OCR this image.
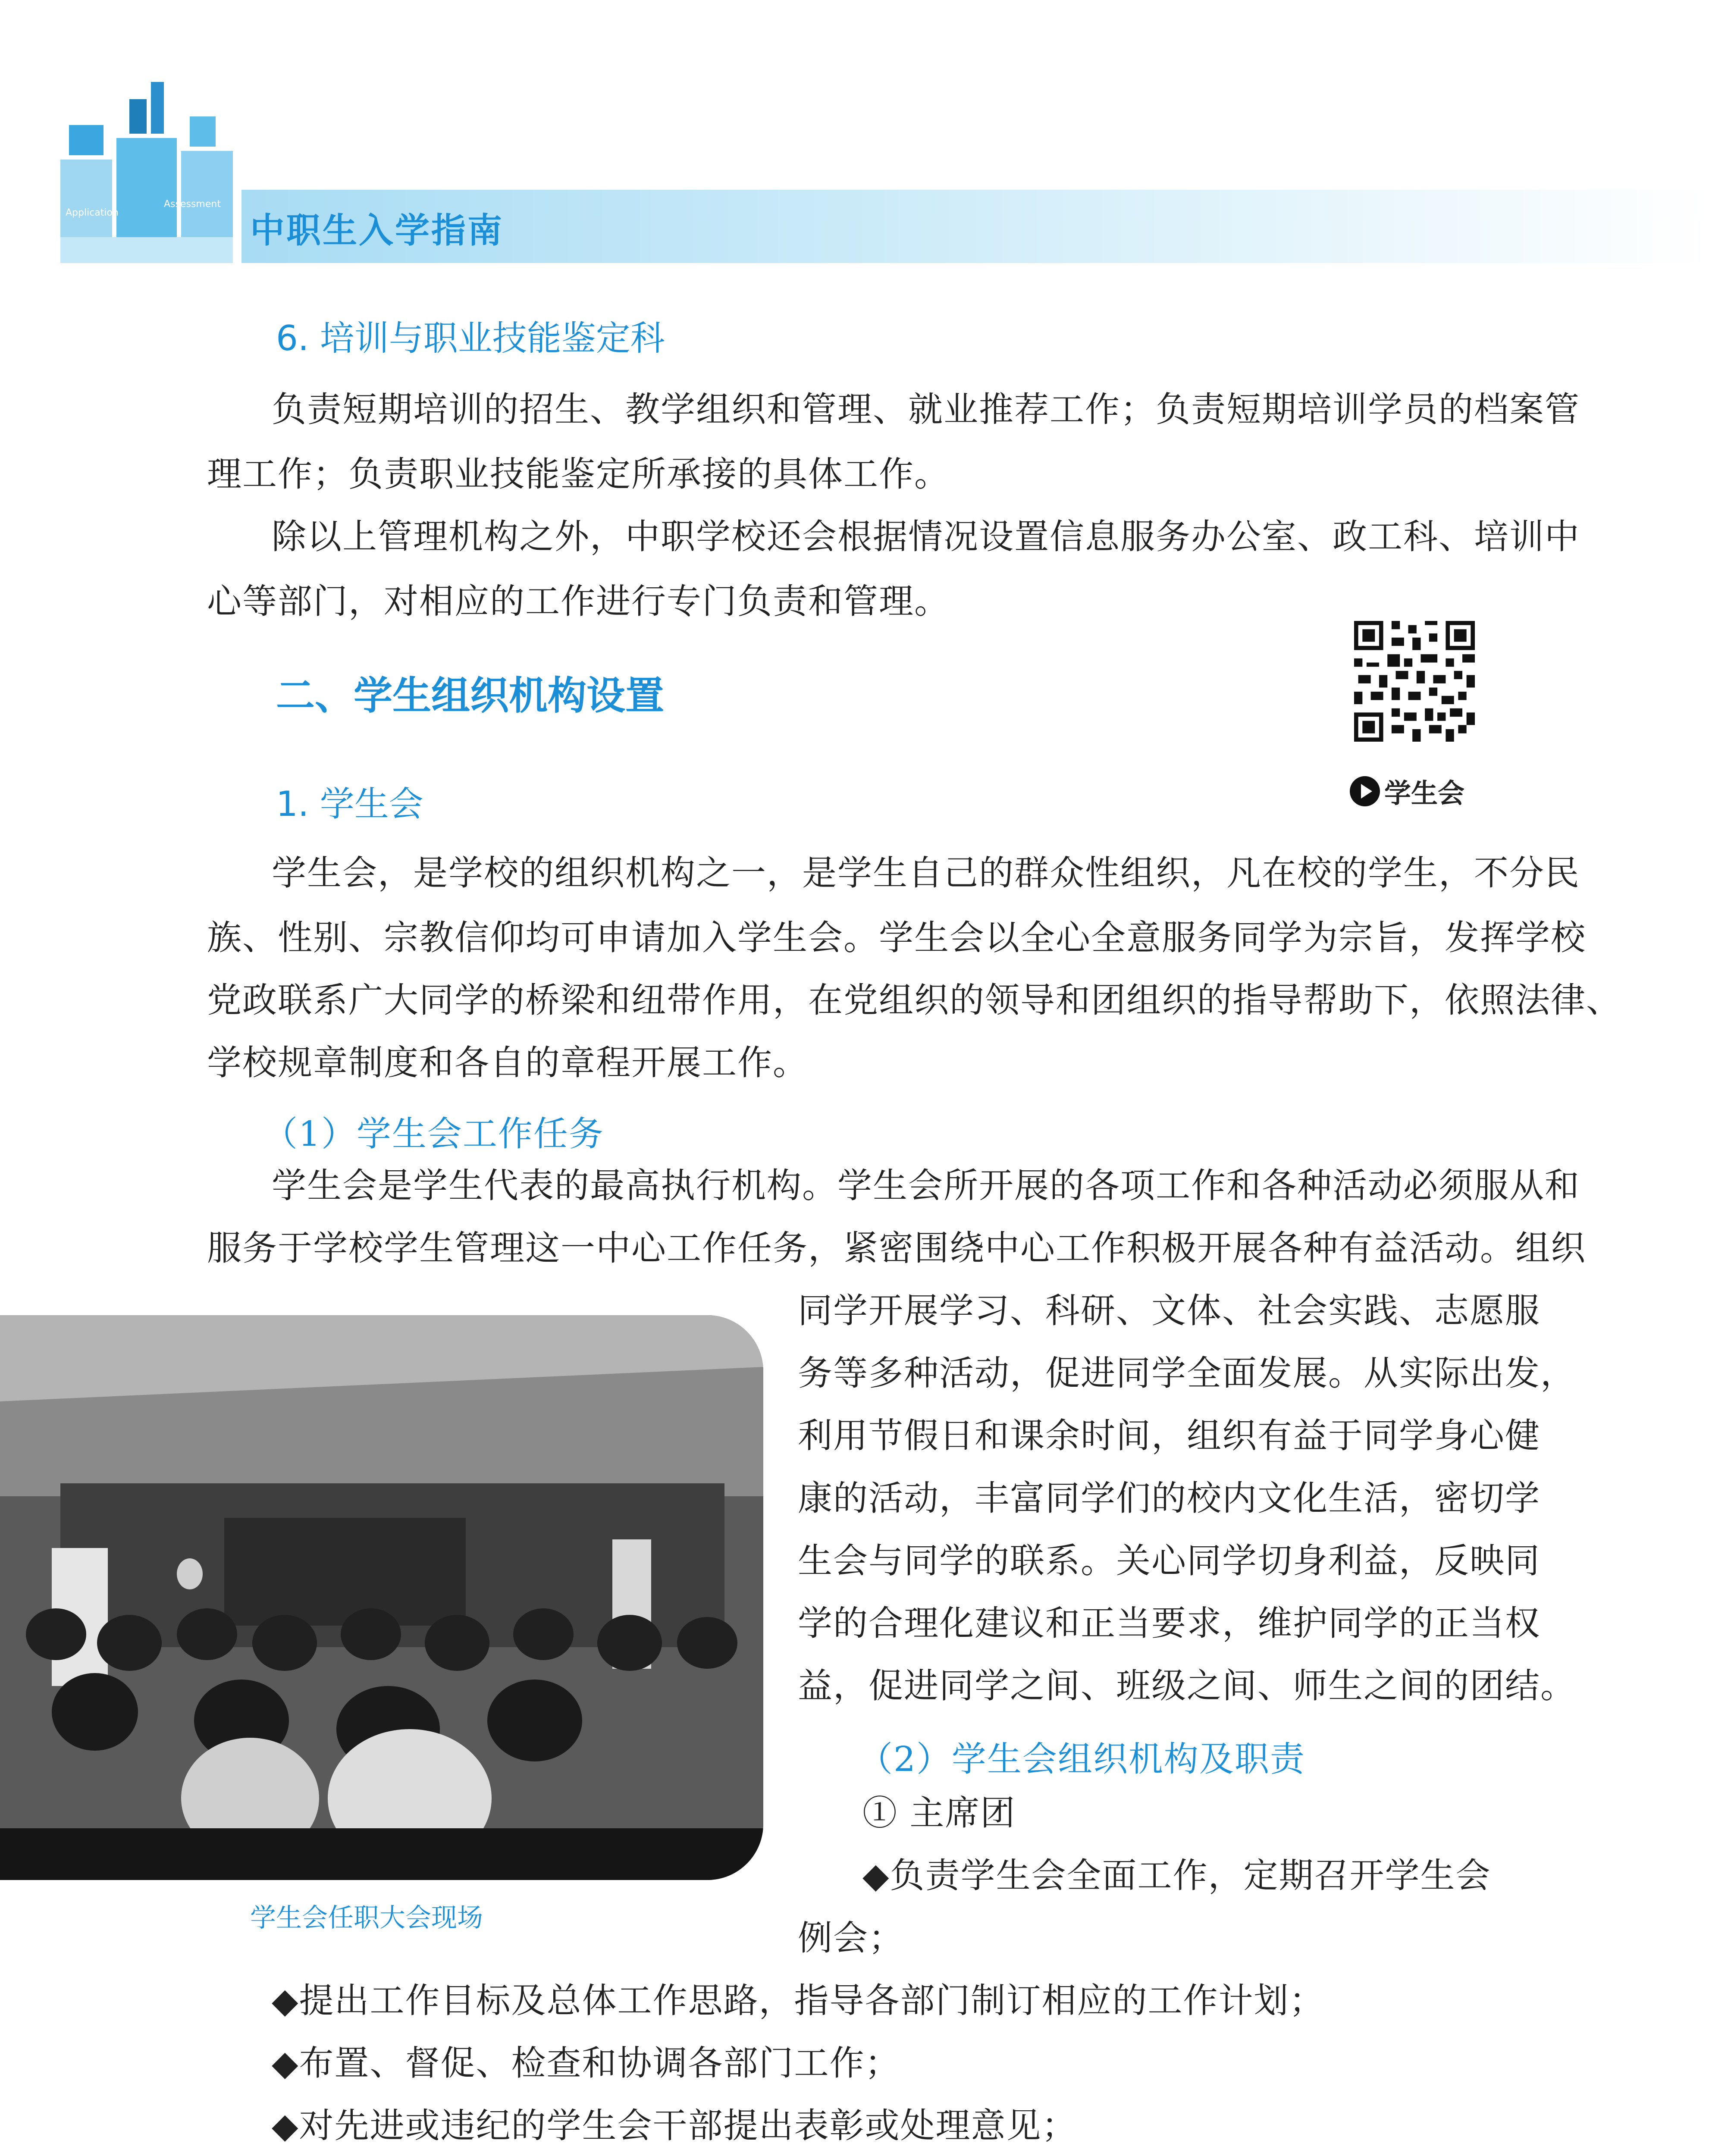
Application
Assessment
中职生入学指南
6. 培训与职业技能鉴定科

负责短期培训的招生、教学组织和管理、就业推荐工作；负责短期培训学员的档案管

理工作；负责职业技能鉴定所承接的具体工作。

除以上管理机构之外，中职学校还会根据情况设置信息服务办公室、政工科、培训中

心等部门，对相应的工作进行专门负责和管理。

二、学生组织机构设置
学生会
1. 学生会

学生会，是学校的组织机构之一，是学生自己的群众性组织，凡在校的学生，不分民

族、性别、宗教信仰均可申请加入学生会。学生会以全心全意服务同学为宗旨，发挥学校

党政联系广大同学的桥梁和纽带作用，在党组织的领导和团组织的指导帮助下，依照法律、

学校规章制度和各自的章程开展工作。

（1）学生会工作任务

学生会是学生代表的最高执行机构。学生会所开展的各项工作和各种活动必须服从和

服务于学校学生管理这一中心工作任务，紧密围绕中心工作积极开展各种有益活动。组织

同学开展学习、科研、文体、社会实践、志愿服

务等多种活动，促进同学全面发展。从实际出发，

利用节假日和课余时间，组织有益于同学身心健

康的活动，丰富同学们的校内文化生活，密切学

生会与同学的联系。关心同学切身利益，反映同

学的合理化建议和正当要求，维护同学的正当权

益，促进同学之间、班级之间、师生之间的团结。

（2）学生会组织机构及职责

① 主席团

◆负责学生会全面工作，定期召开学生会

例会；

◆提出工作目标及总体工作思路，指导各部门制订相应的工作计划；

◆布置、督促、检查和协调各部门工作；

◆对先进或违纪的学生会干部提出表彰或处理意见；

学生会任职大会现场
